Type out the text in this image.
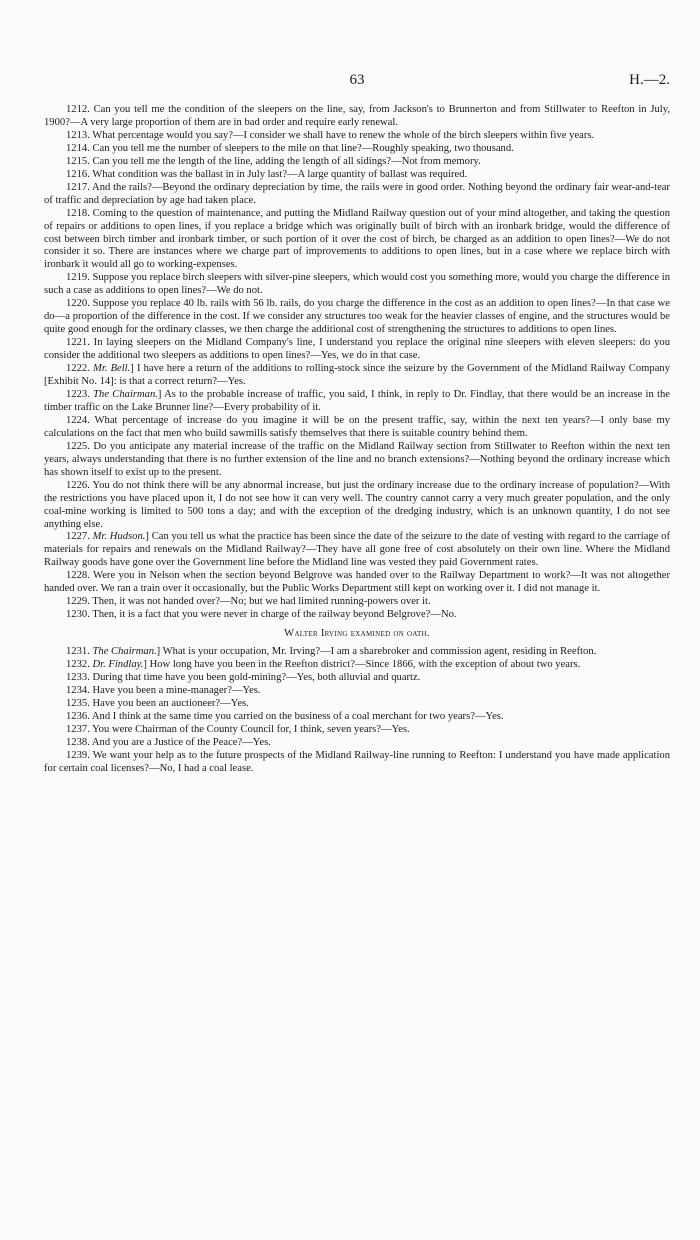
63	H.—2.

1212. Can you tell me the condition of the sleepers on the line, say, from Jackson's to Brunnerton and from Stillwater to Reefton in July, 1900?—A very large proportion of them are in bad order and require early renewal.

1213. What percentage would you say?—I consider we shall have to renew the whole of the birch sleepers within five years.

1214. Can you tell me the number of sleepers to the mile on that line?—Roughly speaking, two thousand.

1215. Can you tell me the length of the line, adding the length of all sidings?—Not from memory.

1216. What condition was the ballast in in July last?—A large quantity of ballast was required.

1217. And the rails?—Beyond the ordinary depreciation by time, the rails were in good order. Nothing beyond the ordinary fair wear-and-tear of traffic and depreciation by age had taken place.

1218. Coming to the question of maintenance, and putting the Midland Railway question out of your mind altogether, and taking the question of repairs or additions to open lines, if you replace a bridge which was originally built of birch with an ironbark bridge, would the difference of cost between birch timber and ironbark timber, or such portion of it over the cost of birch, be charged as an addition to open lines?—We do not consider it so. There are instances where we charge part of improvements to additions to open lines, but in a case where we replace birch with ironbark it would all go to working-expenses.

1219. Suppose you replace birch sleepers with silver-pine sleepers, which would cost you something more, would you charge the difference in such a case as additions to open lines?—We do not.

1220. Suppose you replace 40 lb. rails with 56 lb. rails, do you charge the difference in the cost as an addition to open lines?—In that case we do—a proportion of the difference in the cost. If we consider any structures too weak for the heavier classes of engine, and the structures would be quite good enough for the ordinary classes, we then charge the additional cost of strengthening the structures to additions to open lines.

1221. In laying sleepers on the Midland Company's line, I understand you replace the original nine sleepers with eleven sleepers: do you consider the additional two sleepers as additions to open lines?—Yes, we do in that case.

1222. Mr. Bell.] I have here a return of the additions to rolling-stock since the seizure by the Government of the Midland Railway Company [Exhibit No. 14]: is that a correct return?—Yes.

1223. The Chairman.] As to the probable increase of traffic, you said, I think, in reply to Dr. Findlay, that there would be an increase in the timber traffic on the Lake Brunner line?—Every probability of it.

1224. What percentage of increase do you imagine it will be on the present traffic, say, within the next ten years?—I only base my calculations on the fact that men who build sawmills satisfy themselves that there is suitable country behind them.

1225. Do you anticipate any material increase of the traffic on the Midland Railway section from Stillwater to Reefton within the next ten years, always understanding that there is no further extension of the line and no branch extensions?—Nothing beyond the ordinary increase which has shown itself to exist up to the present.

1226. You do not think there will be any abnormal increase, but just the ordinary increase due to the ordinary increase of population?—With the restrictions you have placed upon it, I do not see how it can very well. The country cannot carry a very much greater population, and the only coal-mine working is limited to 500 tons a day; and with the exception of the dredging industry, which is an unknown quantity, I do not see anything else.

1227. Mr. Hudson.] Can you tell us what the practice has been since the date of the seizure to the date of vesting with regard to the carriage of materials for repairs and renewals on the Midland Railway?—They have all gone free of cost absolutely on their own line. Where the Midland Railway goods have gone over the Government line before the Midland line was vested they paid Government rates.

1228. Were you in Nelson when the section beyond Belgrove was handed over to the Railway Department to work?—It was not altogether handed over. We ran a train over it occasionally, but the Public Works Department still kept on working over it. I did not manage it.

1229. Then, it was not handed over?—No; but we had limited running-powers over it.

1230. Then, it is a fact that you were never in charge of the railway beyond Belgrove?—No.

Walter Irving examined on oath.

1231. The Chairman.] What is your occupation, Mr. Irving?—I am a sharebroker and commission agent, residing in Reefton.

1232. Dr. Findlay.] How long have you been in the Reefton district?—Since 1866, with the exception of about two years.

1233. During that time have you been gold-mining?—Yes, both alluvial and quartz.

1234. Have you been a mine-manager?—Yes.

1235. Have you been an auctioneer?—Yes.

1236. And I think at the same time you carried on the business of a coal merchant for two years?—Yes.

1237. You were Chairman of the County Council for, I think, seven years?—Yes.

1238. And you are a Justice of the Peace?—Yes.

1239. We want your help as to the future prospects of the Midland Railway-line running to Reefton: I understand you have made application for certain coal licenses?—No, I had a coal lease.
